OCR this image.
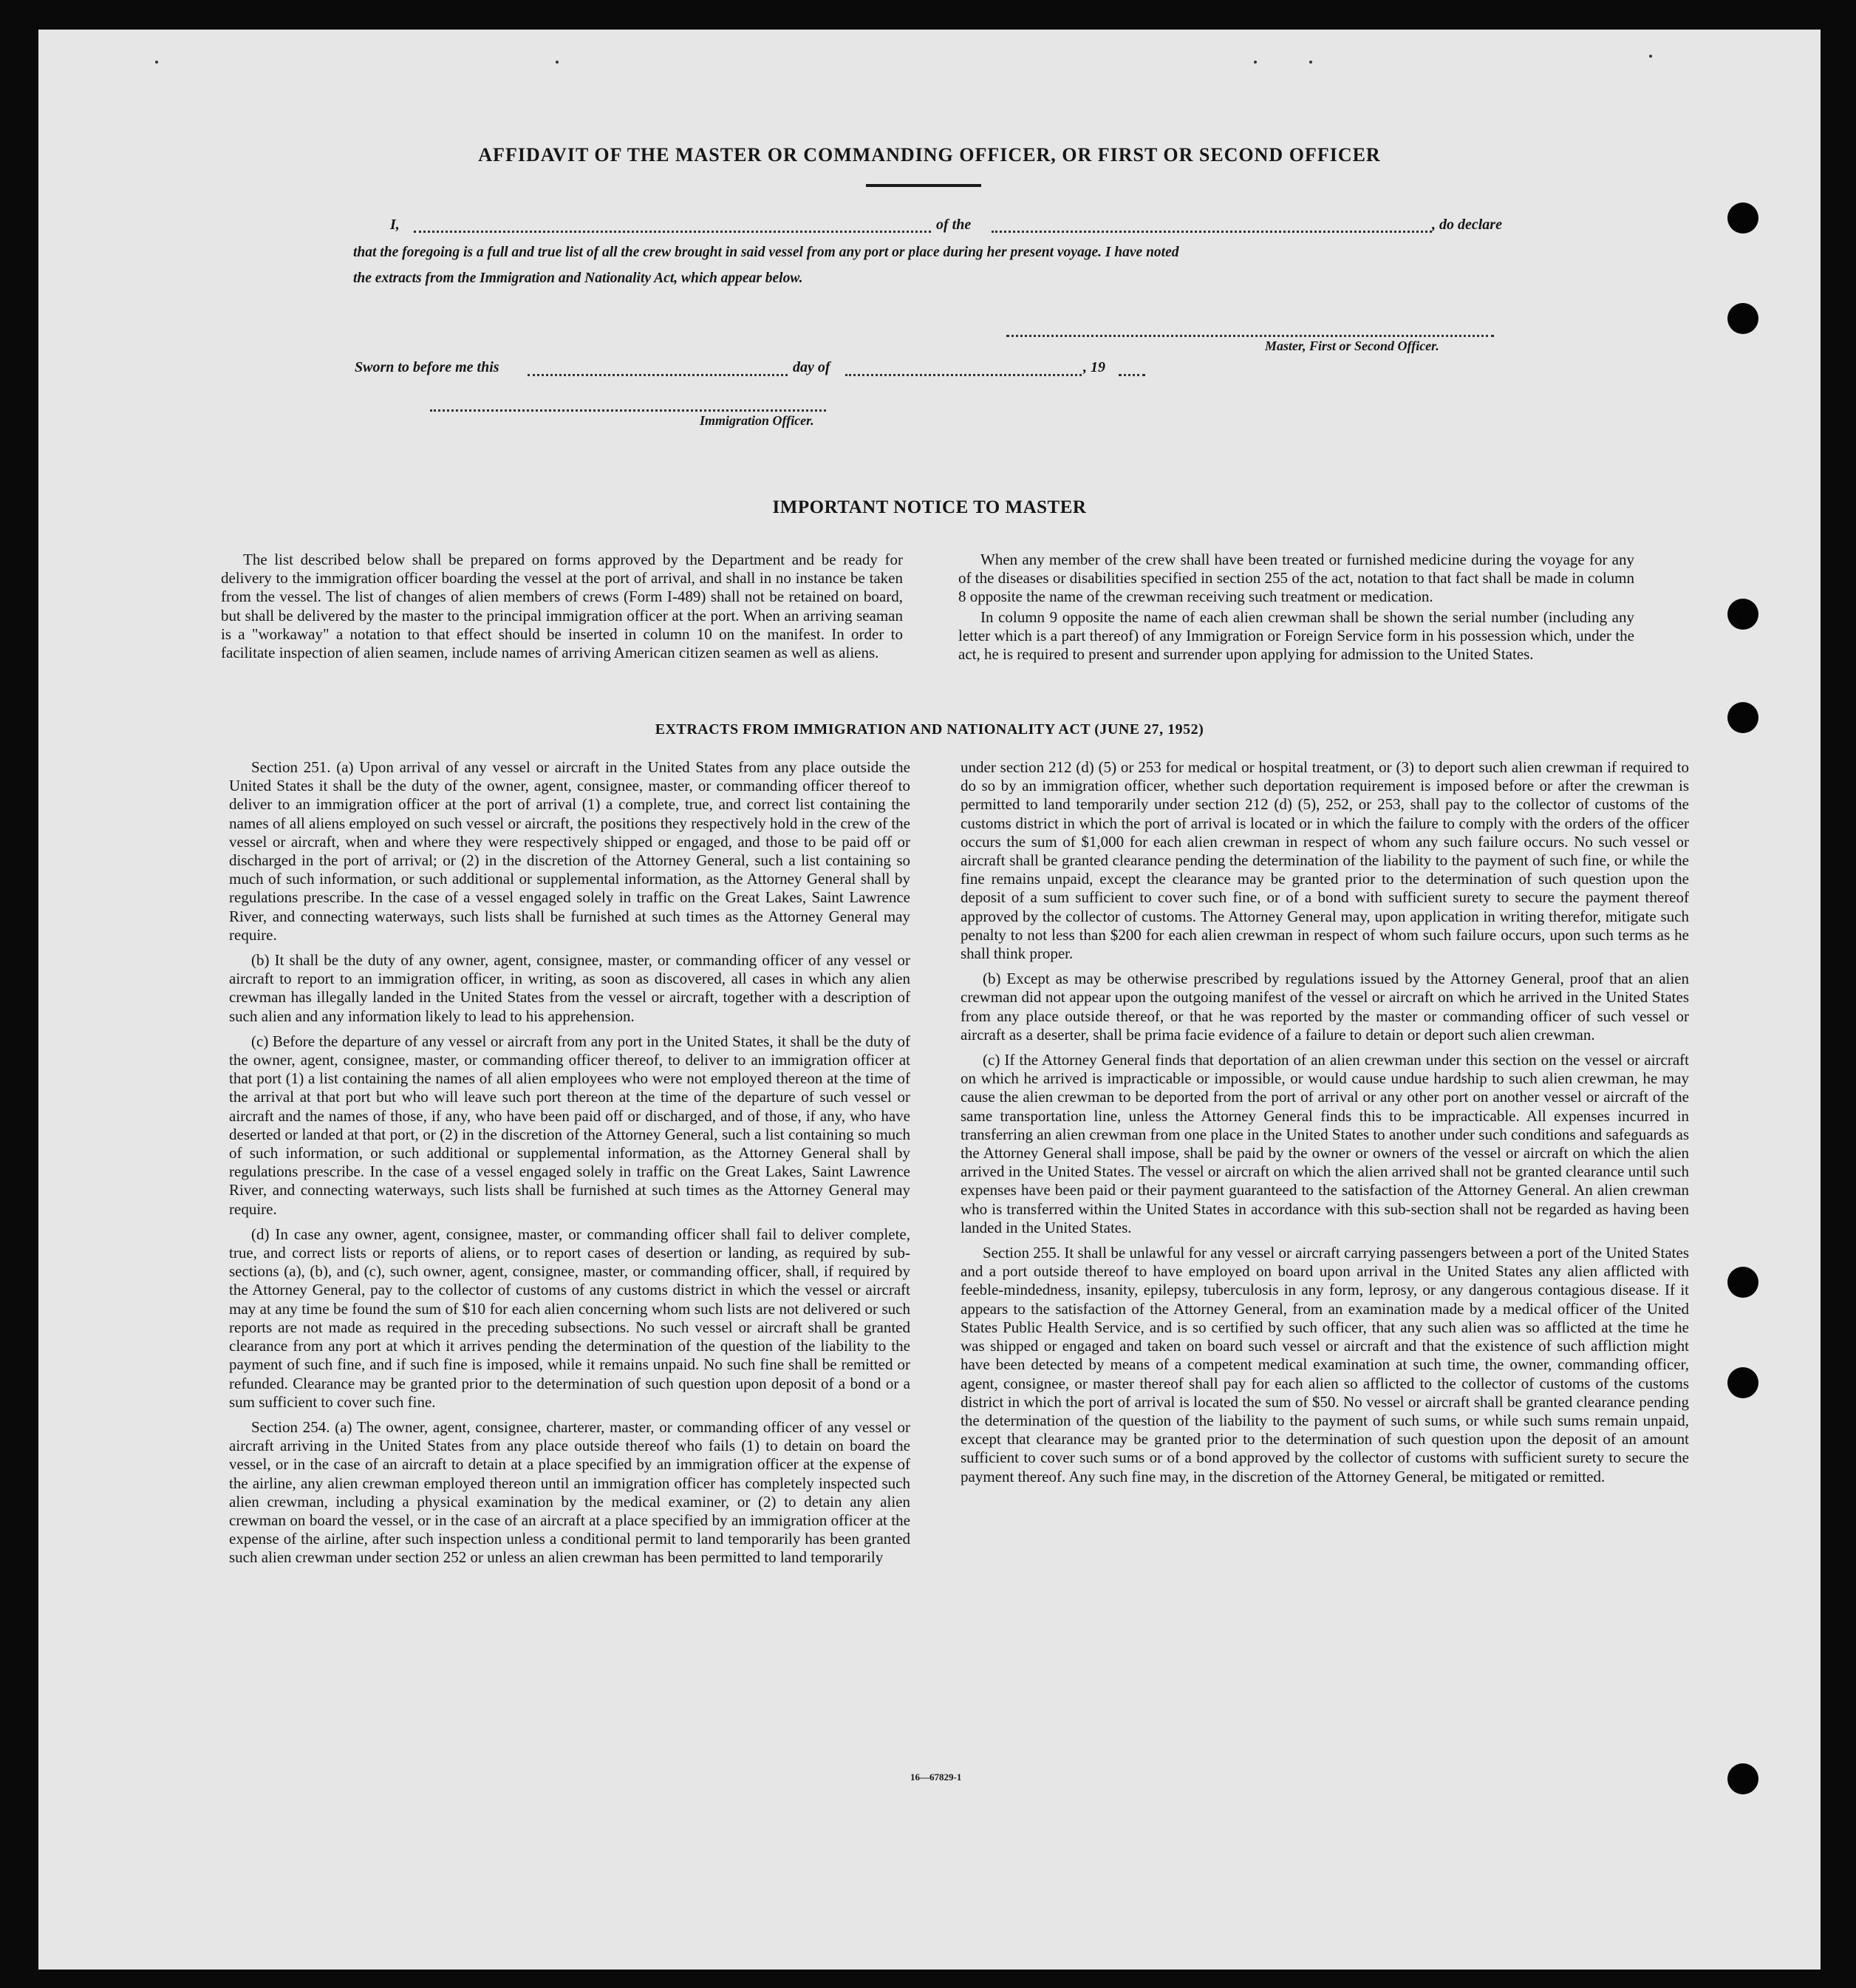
AFFIDAVIT OF THE MASTER OR COMMANDING OFFICER, OR FIRST OR SECOND OFFICER
I,	of the	, do declare
that the foregoing is a full and true list of all the crew brought in said vessel from any port or place during her present voyage. I have noted
the extracts from the Immigration and Nationality Act, which appear below.
Master, First or Second Officer.
Sworn to before me this	day of	, 19
Immigration Officer.
IMPORTANT NOTICE TO MASTER

The list described below shall be prepared on forms approved by the Department and be ready for delivery to the immigration officer boarding the vessel at the port of arrival, and shall in no instance be taken from the vessel. The list of changes of alien members of crews (Form I-489) shall not be retained on board, but shall be delivered by the master to the principal immigration officer at the port. When an arriving seaman is a "workaway" a notation to that effect should be inserted in column 10 on the manifest. In order to facilitate inspection of alien seamen, include names of arriving American citizen seamen as well as aliens.

When any member of the crew shall have been treated or furnished medicine during the voyage for any of the diseases or disabilities specified in section 255 of the act, notation to that fact shall be made in column 8 opposite the name of the crewman receiving such treatment or medication.

In column 9 opposite the name of each alien crewman shall be shown the serial number (including any letter which is a part thereof) of any Immigration or Foreign Service form in his possession which, under the act, he is required to present and surrender upon applying for admission to the United States.

EXTRACTS FROM IMMIGRATION AND NATIONALITY ACT (JUNE 27, 1952)

Section 251. (a) Upon arrival of any vessel or aircraft in the United States from any place outside the United States it shall be the duty of the owner, agent, consignee, master, or commanding officer thereof to deliver to an immigration officer at the port of arrival (1) a complete, true, and correct list containing the names of all aliens employed on such vessel or aircraft, the positions they respectively hold in the crew of the vessel or aircraft, when and where they were respectively shipped or engaged, and those to be paid off or discharged in the port of arrival; or (2) in the discretion of the Attorney General, such a list containing so much of such information, or such additional or supplemental information, as the Attorney General shall by regulations prescribe. In the case of a vessel engaged solely in traffic on the Great Lakes, Saint Lawrence River, and connecting waterways, such lists shall be furnished at such times as the Attorney General may require.

(b) It shall be the duty of any owner, agent, consignee, master, or commanding officer of any vessel or aircraft to report to an immigration officer, in writing, as soon as discovered, all cases in which any alien crewman has illegally landed in the United States from the vessel or aircraft, together with a description of such alien and any information likely to lead to his apprehension.

(c) Before the departure of any vessel or aircraft from any port in the United States, it shall be the duty of the owner, agent, consignee, master, or commanding officer thereof, to deliver to an immigration officer at that port (1) a list containing the names of all alien employees who were not employed thereon at the time of the arrival at that port but who will leave such port thereon at the time of the departure of such vessel or aircraft and the names of those, if any, who have been paid off or discharged, and of those, if any, who have deserted or landed at that port, or (2) in the discretion of the Attorney General, such a list containing so much of such information, or such additional or supplemental information, as the Attorney General shall by regulations prescribe. In the case of a vessel engaged solely in traffic on the Great Lakes, Saint Lawrence River, and connecting waterways, such lists shall be furnished at such times as the Attorney General may require.

(d) In case any owner, agent, consignee, master, or commanding officer shall fail to deliver complete, true, and correct lists or reports of aliens, or to report cases of desertion or landing, as required by sub-sections (a), (b), and (c), such owner, agent, consignee, master, or commanding officer, shall, if required by the Attorney General, pay to the collector of customs of any customs district in which the vessel or aircraft may at any time be found the sum of $10 for each alien concerning whom such lists are not delivered or such reports are not made as required in the preceding subsections. No such vessel or aircraft shall be granted clearance from any port at which it arrives pending the determination of the question of the liability to the payment of such fine, and if such fine is imposed, while it remains unpaid. No such fine shall be remitted or refunded. Clearance may be granted prior to the determination of such question upon deposit of a bond or a sum sufficient to cover such fine.

Section 254. (a) The owner, agent, consignee, charterer, master, or commanding officer of any vessel or aircraft arriving in the United States from any place outside thereof who fails (1) to detain on board the vessel, or in the case of an aircraft to detain at a place specified by an immigration officer at the expense of the airline, any alien crewman employed thereon until an immigration officer has completely inspected such alien crewman, including a physical examination by the medical examiner, or (2) to detain any alien crewman on board the vessel, or in the case of an aircraft at a place specified by an immigration officer at the expense of the airline, after such inspection unless a conditional permit to land temporarily has been granted such alien crewman under section 252 or unless an alien crewman has been permitted to land temporarily

under section 212 (d) (5) or 253 for medical or hospital treatment, or (3) to deport such alien crewman if required to do so by an immigration officer, whether such deportation requirement is imposed before or after the crewman is permitted to land temporarily under section 212 (d) (5), 252, or 253, shall pay to the collector of customs of the customs district in which the port of arrival is located or in which the failure to comply with the orders of the officer occurs the sum of $1,000 for each alien crewman in respect of whom any such failure occurs. No such vessel or aircraft shall be granted clearance pending the determination of the liability to the payment of such fine, or while the fine remains unpaid, except the clearance may be granted prior to the determination of such question upon the deposit of a sum sufficient to cover such fine, or of a bond with sufficient surety to secure the payment thereof approved by the collector of customs. The Attorney General may, upon application in writing therefor, mitigate such penalty to not less than $200 for each alien crewman in respect of whom such failure occurs, upon such terms as he shall think proper.

(b) Except as may be otherwise prescribed by regulations issued by the Attorney General, proof that an alien crewman did not appear upon the outgoing manifest of the vessel or aircraft on which he arrived in the United States from any place outside thereof, or that he was reported by the master or commanding officer of such vessel or aircraft as a deserter, shall be prima facie evidence of a failure to detain or deport such alien crewman.

(c) If the Attorney General finds that deportation of an alien crewman under this section on the vessel or aircraft on which he arrived is impracticable or impossible, or would cause undue hardship to such alien crewman, he may cause the alien crewman to be deported from the port of arrival or any other port on another vessel or aircraft of the same transportation line, unless the Attorney General finds this to be impracticable. All expenses incurred in transferring an alien crewman from one place in the United States to another under such conditions and safeguards as the Attorney General shall impose, shall be paid by the owner or owners of the vessel or aircraft on which the alien arrived in the United States. The vessel or aircraft on which the alien arrived shall not be granted clearance until such expenses have been paid or their payment guaranteed to the satisfaction of the Attorney General. An alien crewman who is transferred within the United States in accordance with this sub-section shall not be regarded as having been landed in the United States.

Section 255. It shall be unlawful for any vessel or aircraft carrying passengers between a port of the United States and a port outside thereof to have employed on board upon arrival in the United States any alien afflicted with feeble-mindedness, insanity, epilepsy, tuberculosis in any form, leprosy, or any dangerous contagious disease. If it appears to the satisfaction of the Attorney General, from an examination made by a medical officer of the United States Public Health Service, and is so certified by such officer, that any such alien was so afflicted at the time he was shipped or engaged and taken on board such vessel or aircraft and that the existence of such affliction might have been detected by means of a competent medical examination at such time, the owner, commanding officer, agent, consignee, or master thereof shall pay for each alien so afflicted to the collector of customs of the customs district in which the port of arrival is located the sum of $50. No vessel or aircraft shall be granted clearance pending the determination of the question of the liability to the payment of such sums, or while such sums remain unpaid, except that clearance may be granted prior to the determination of such question upon the deposit of an amount sufficient to cover such sums or of a bond approved by the collector of customs with sufficient surety to secure the payment thereof. Any such fine may, in the discretion of the Attorney General, be mitigated or remitted.

16—67829-1
